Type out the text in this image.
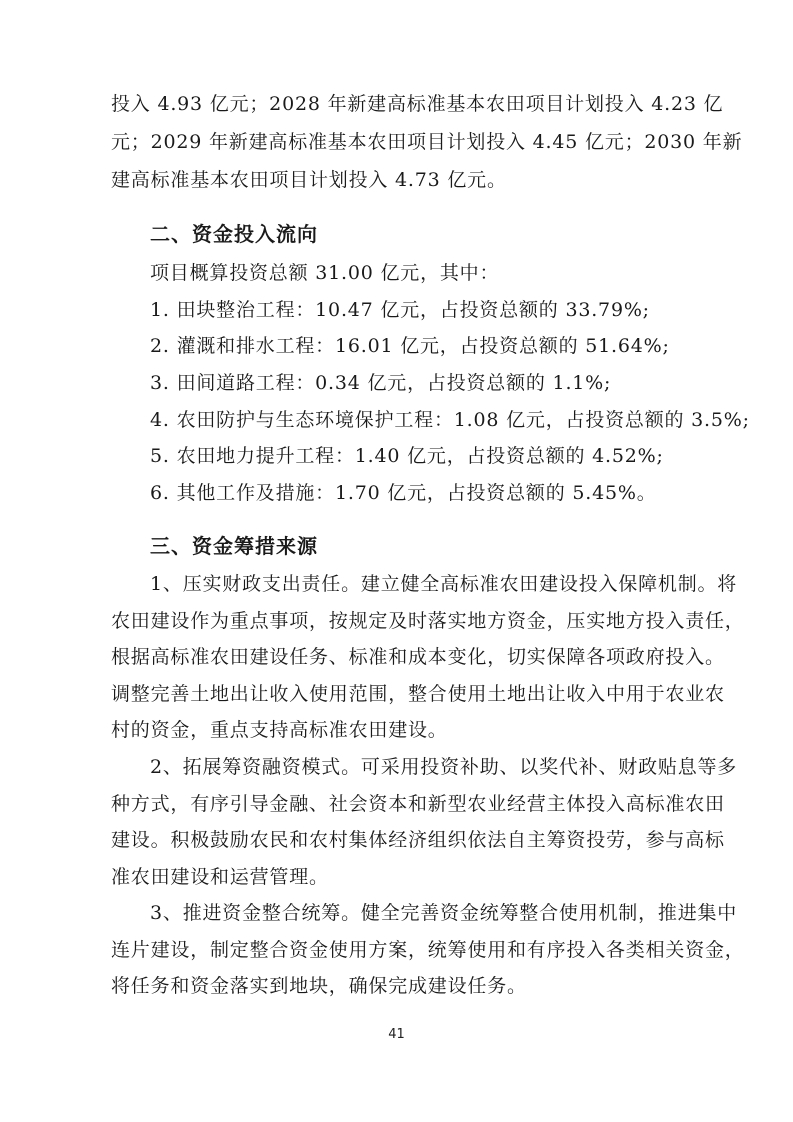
投入 4.93 亿元；2028 年新建高标准基本农田项目计划投入 4.23 亿
元；2029 年新建高标准基本农田项目计划投入 4.45 亿元；2030 年新
建高标准基本农田项目计划投入 4.73 亿元。
二、资金投入流向
项目概算投资总额 31.00 亿元，其中：
1. 田块整治工程：10.47 亿元，占投资总额的 33.79%;
2. 灌溉和排水工程：16.01 亿元，占投资总额的 51.64%;
3. 田间道路工程：0.34 亿元，占投资总额的 1.1%;
4. 农田防护与生态环境保护工程：1.08 亿元，占投资总额的 3.5%;
5. 农田地力提升工程：1.40 亿元，占投资总额的 4.52%;
6. 其他工作及措施：1.70 亿元，占投资总额的 5.45%。
三、资金筹措来源
1、压实财政支出责任。建立健全高标准农田建设投入保障机制。将
农田建设作为重点事项，按规定及时落实地方资金，压实地方投入责任，
根据高标准农田建设任务、标准和成本变化，切实保障各项政府投入。
调整完善土地出让收入使用范围，整合使用土地出让收入中用于农业农
村的资金，重点支持高标准农田建设。
2、拓展筹资融资模式。可采用投资补助、以奖代补、财政贴息等多
种方式，有序引导金融、社会资本和新型农业经营主体投入高标准农田
建设。积极鼓励农民和农村集体经济组织依法自主筹资投劳，参与高标
准农田建设和运营管理。
3、推进资金整合统筹。健全完善资金统筹整合使用机制，推进集中
连片建设，制定整合资金使用方案，统筹使用和有序投入各类相关资金，
将任务和资金落实到地块，确保完成建设任务。
41
